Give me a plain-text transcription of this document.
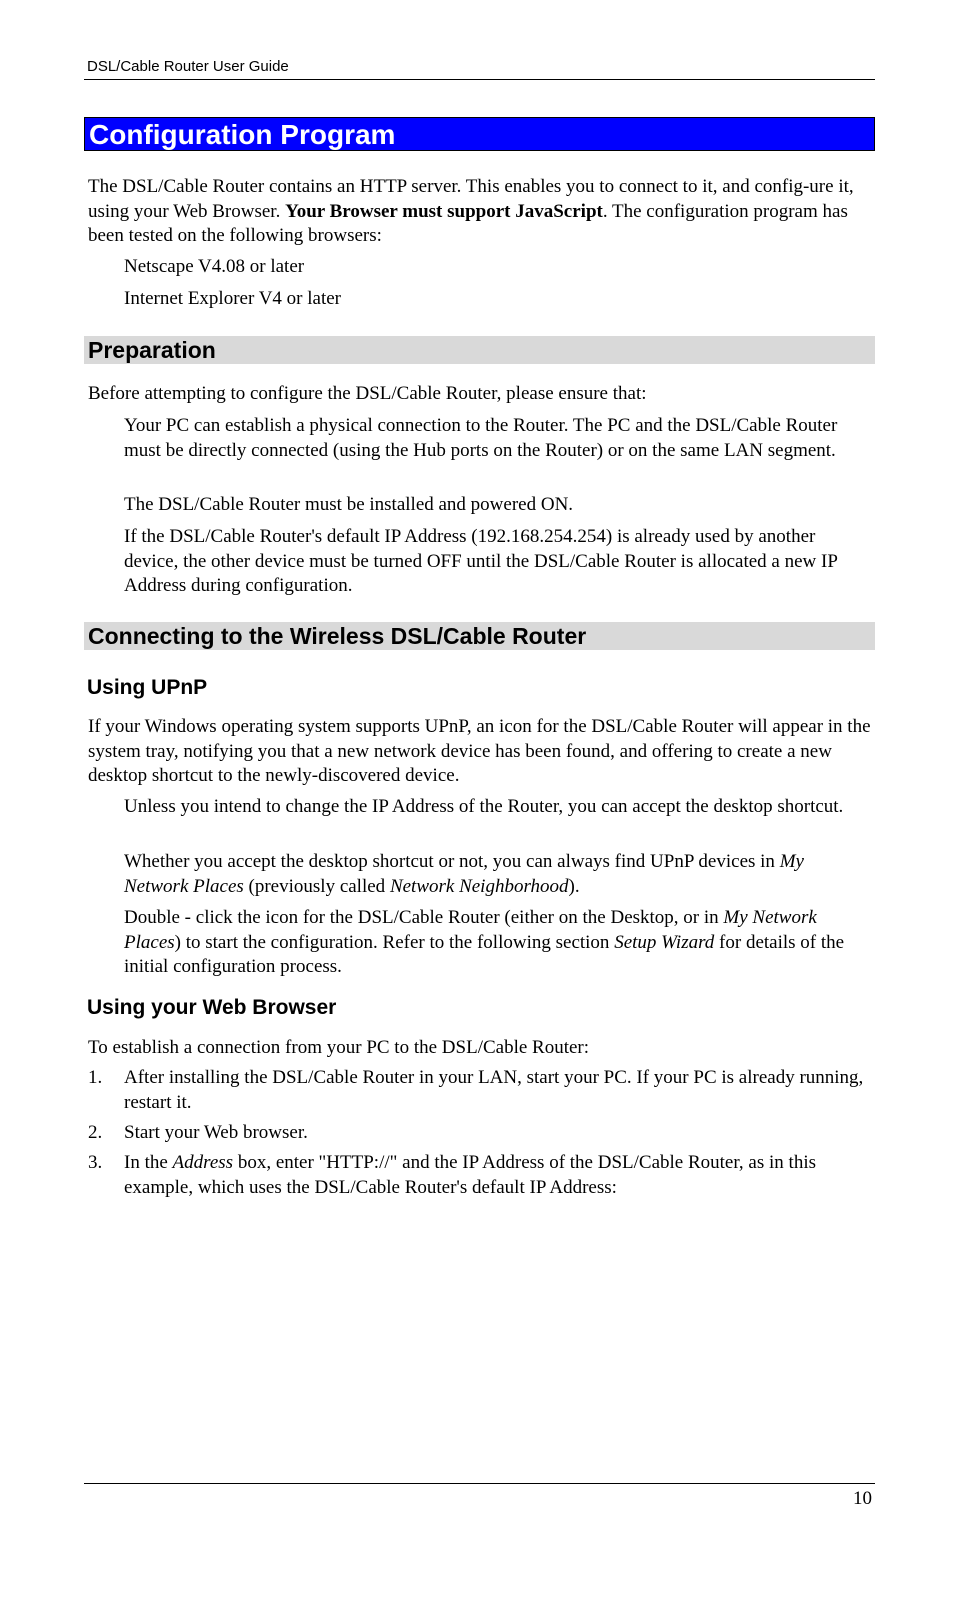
DSL/Cable Router User Guide
Configuration Program
The DSL/Cable Router contains an HTTP server. This enables you to connect to it, and config-ure it, using your Web Browser. Your Browser must support JavaScript. The configuration program has been tested on the following browsers:
Netscape V4.08 or later
Internet Explorer V4 or later
Preparation
Before attempting to configure the DSL/Cable Router, please ensure that:
Your PC can establish a physical connection to the Router. The PC and the DSL/Cable Router must be directly connected (using the Hub ports on the Router) or on the same LAN segment.
The DSL/Cable Router must be installed and powered ON.
If the DSL/Cable Router's default IP Address (192.168.254.254) is already used by another device, the other device must be turned OFF until the DSL/Cable Router is allocated a new IP Address during configuration.
Connecting to the Wireless DSL/Cable Router
Using UPnP
If your Windows operating system supports UPnP, an icon for the DSL/Cable Router will appear in the system tray, notifying you that a new network device has been found, and offering to create a new desktop shortcut to the newly-discovered device.
Unless you intend to change the IP Address of the Router, you can accept the desktop shortcut.
Whether you accept the desktop shortcut or not, you can always find UPnP devices in My Network Places (previously called Network Neighborhood).
Double - click the icon for the DSL/Cable Router (either on the Desktop, or in My Network Places) to start the configuration. Refer to the following section Setup Wizard for details of the initial configuration process.
Using your Web Browser
To establish a connection from your PC to the DSL/Cable Router:
1. After installing the DSL/Cable Router in your LAN, start your PC. If your PC is already running, restart it.
2. Start your Web browser.
3. In the Address box, enter "HTTP://" and the IP Address of the DSL/Cable Router, as in this example, which uses the DSL/Cable Router's default IP Address:
10
